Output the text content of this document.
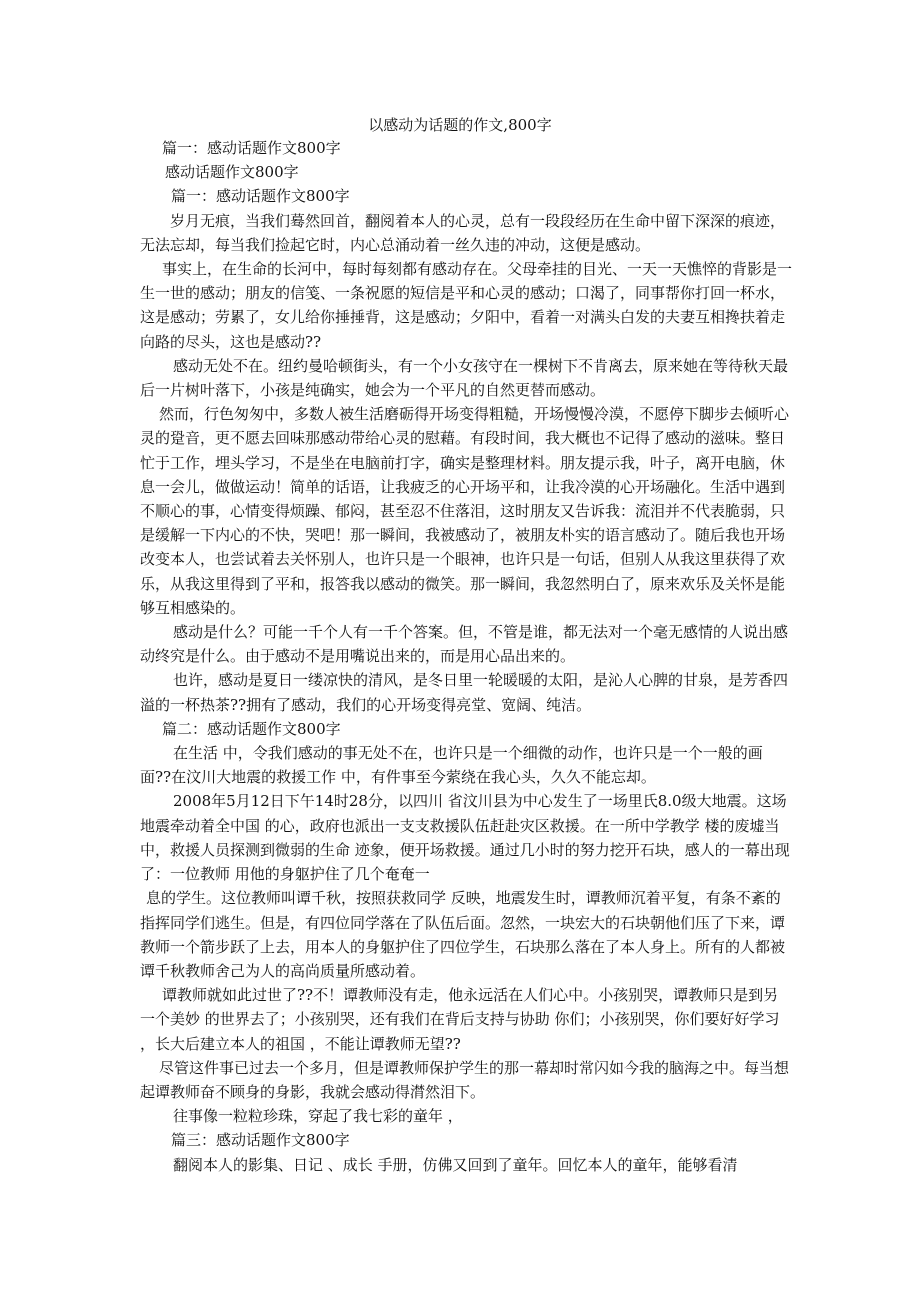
以感动为话题的作文,800字

篇一：感动话题作文800字

感动话题作文800字

篇一：感动话题作文800字

岁月无痕，当我们蓦然回首，翻阅着本人的心灵，总有一段段经历在生命中留下深深的痕迹，无法忘却，每当我们捡起它时，内心总涌动着一丝久违的冲动，这便是感动。

事实上，在生命的长河中，每时每刻都有感动存在。父母牵挂的目光、一天一天憔悴的背影是一生一世的感动；朋友的信笺、一条祝愿的短信是平和心灵的感动；口渴了，同事帮你打回一杯水，这是感动；劳累了，女儿给你捶捶背，这是感动；夕阳中，看着一对满头白发的夫妻互相搀扶着走向路的尽头，这也是感动??

感动无处不在。纽约曼哈顿街头，有一个小女孩守在一棵树下不肯离去，原来她在等待秋天最后一片树叶落下，小孩是纯确实，她会为一个平凡的自然更替而感动。

然而，行色匆匆中，多数人被生活磨砺得开场变得粗糙，开场慢慢冷漠，不愿停下脚步去倾听心灵的跫音，更不愿去回味那感动带给心灵的慰藉。有段时间，我大概也不记得了感动的滋味。整日忙于工作，埋头学习，不是坐在电脑前打字，确实是整理材料。朋友提示我，叶子，离开电脑，休息一会儿，做做运动！简单的话语，让我疲乏的心开场平和，让我冷漠的心开场融化。生活中遇到不顺心的事，心情变得烦躁、郁闷，甚至忍不住落泪，这时朋友又告诉我：流泪并不代表脆弱，只是缓解一下内心的不快，哭吧！那一瞬间，我被感动了，被朋友朴实的语言感动了。随后我也开场改变本人，也尝试着去关怀别人，也许只是一个眼神，也许只是一句话，但别人从我这里获得了欢乐，从我这里得到了平和，报答我以感动的微笑。那一瞬间，我忽然明白了，原来欢乐及关怀是能够互相感染的。

感动是什么？可能一千个人有一千个答案。但，不管是谁，都无法对一个毫无感情的人说出感动终究是什么。由于感动不是用嘴说出来的，而是用心品出来的。

也许，感动是夏日一缕凉快的清风，是冬日里一轮暖暖的太阳，是沁人心脾的甘泉，是芳香四溢的一杯热茶??拥有了感动，我们的心开场变得亮堂、宽阔、纯洁。

篇二：感动话题作文800字

在生活 中，令我们感动的事无处不在，也许只是一个细微的动作，也许只是一个一般的画面??在汶川大地震的救援工作 中，有件事至今萦绕在我心头，久久不能忘却。

2008年5月12日下午14时28分，以四川 省汶川县为中心发生了一场里氏8.0级大地震。这场地震牵动着全中国 的心，政府也派出一支支救援队伍赶赴灾区救援。在一所中学教学 楼的废墟当中，救援人员探测到微弱的生命 迹象，便开场救援。通过几小时的努力挖开石块，感人的一幕出现了：一位教师 用他的身躯护住了几个奄奄一

息的学生。这位教师叫谭千秋，按照获救同学 反映，地震发生时，谭教师沉着平复，有条不紊的指挥同学们逃生。但是，有四位同学落在了队伍后面。忽然，一块宏大的石块朝他们压了下来，谭教师一个箭步跃了上去，用本人的身躯护住了四位学生，石块那么落在了本人身上。所有的人都被谭千秋教师舍己为人的高尚质量所感动着。

谭教师就如此过世了??不！谭教师没有走，他永远活在人们心中。小孩别哭，谭教师只是到另一个美妙 的世界去了；小孩别哭，还有我们在背后支持与协助 你们；小孩别哭，你们要好好学习 ，长大后建立本人的祖国 ，不能让谭教师无望??

尽管这件事已过去一个多月，但是谭教师保护学生的那一幕却时常闪如今我的脑海之中。每当想起谭教师奋不顾身的身影，我就会感动得潸然泪下。

往事像一粒粒珍珠，穿起了我七彩的童年 ，

篇三：感动话题作文800字

翻阅本人的影集、日记 、成长 手册，仿佛又回到了童年。回忆本人的童年，能够看清
